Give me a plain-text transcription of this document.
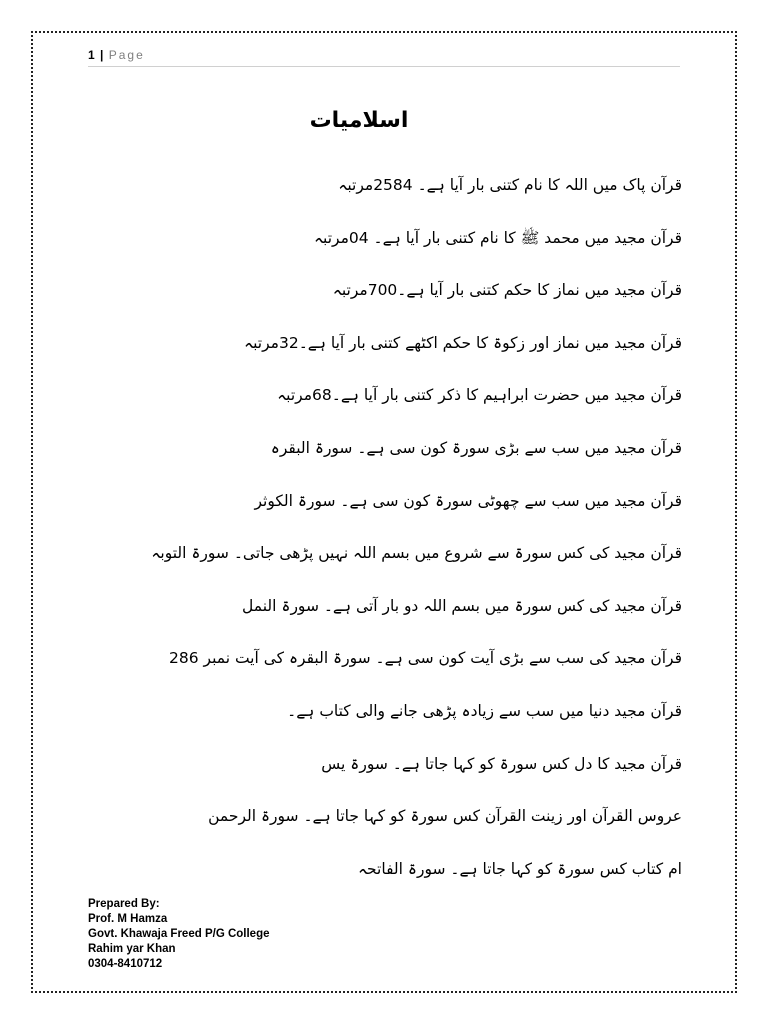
1 | Page
اسلامیات
قرآن پاک میں اللہ کا نام کتنی بار آیا ہے۔ 2584مرتبہ
قرآن مجید میں محمد ﷺ کا نام کتنی بار آیا ہے۔ 04مرتبہ
قرآن مجید میں نماز کا حکم کتنی بار آیا ہے۔700مرتبہ
قرآن مجید میں نماز اور زکوۃ کا حکم اکٹھے کتنی بار آیا ہے۔32مرتبہ
قرآن مجید میں حضرت ابراہیم کا ذکر کتنی بار آیا ہے۔68مرتبہ
قرآن مجید میں سب سے بڑی سورۃ کون سی ہے۔ سورۃ البقرہ
قرآن مجید میں سب سے چھوٹی سورۃ کون سی ہے۔ سورۃ الکوثر
قرآن مجید کی کس سورۃ سے شروع میں بسم اللہ نہیں پڑھی جاتی۔ سورۃ التوبہ
قرآن مجید کی کس سورۃ میں بسم اللہ دو بار آتی ہے۔ سورۃ النمل
قرآن مجید کی سب سے بڑی آیت کون سی ہے۔ سورۃ البقرہ کی آیت نمبر 286
قرآن مجید دنیا میں سب سے زیادہ پڑھی جانے والی کتاب ہے۔
قرآن مجید کا دل کس سورۃ کو کہا جاتا ہے۔ سورۃ یس
عروس القرآن اور زینت القرآن کس سورۃ کو کہا جاتا ہے۔ سورۃ الرحمن
ام کتاب کس سورۃ کو کہا جاتا ہے۔ سورۃ الفاتحہ
Prepared By:
Prof. M Hamza
Govt. Khawaja Freed P/G College
Rahim yar Khan
0304-8410712
